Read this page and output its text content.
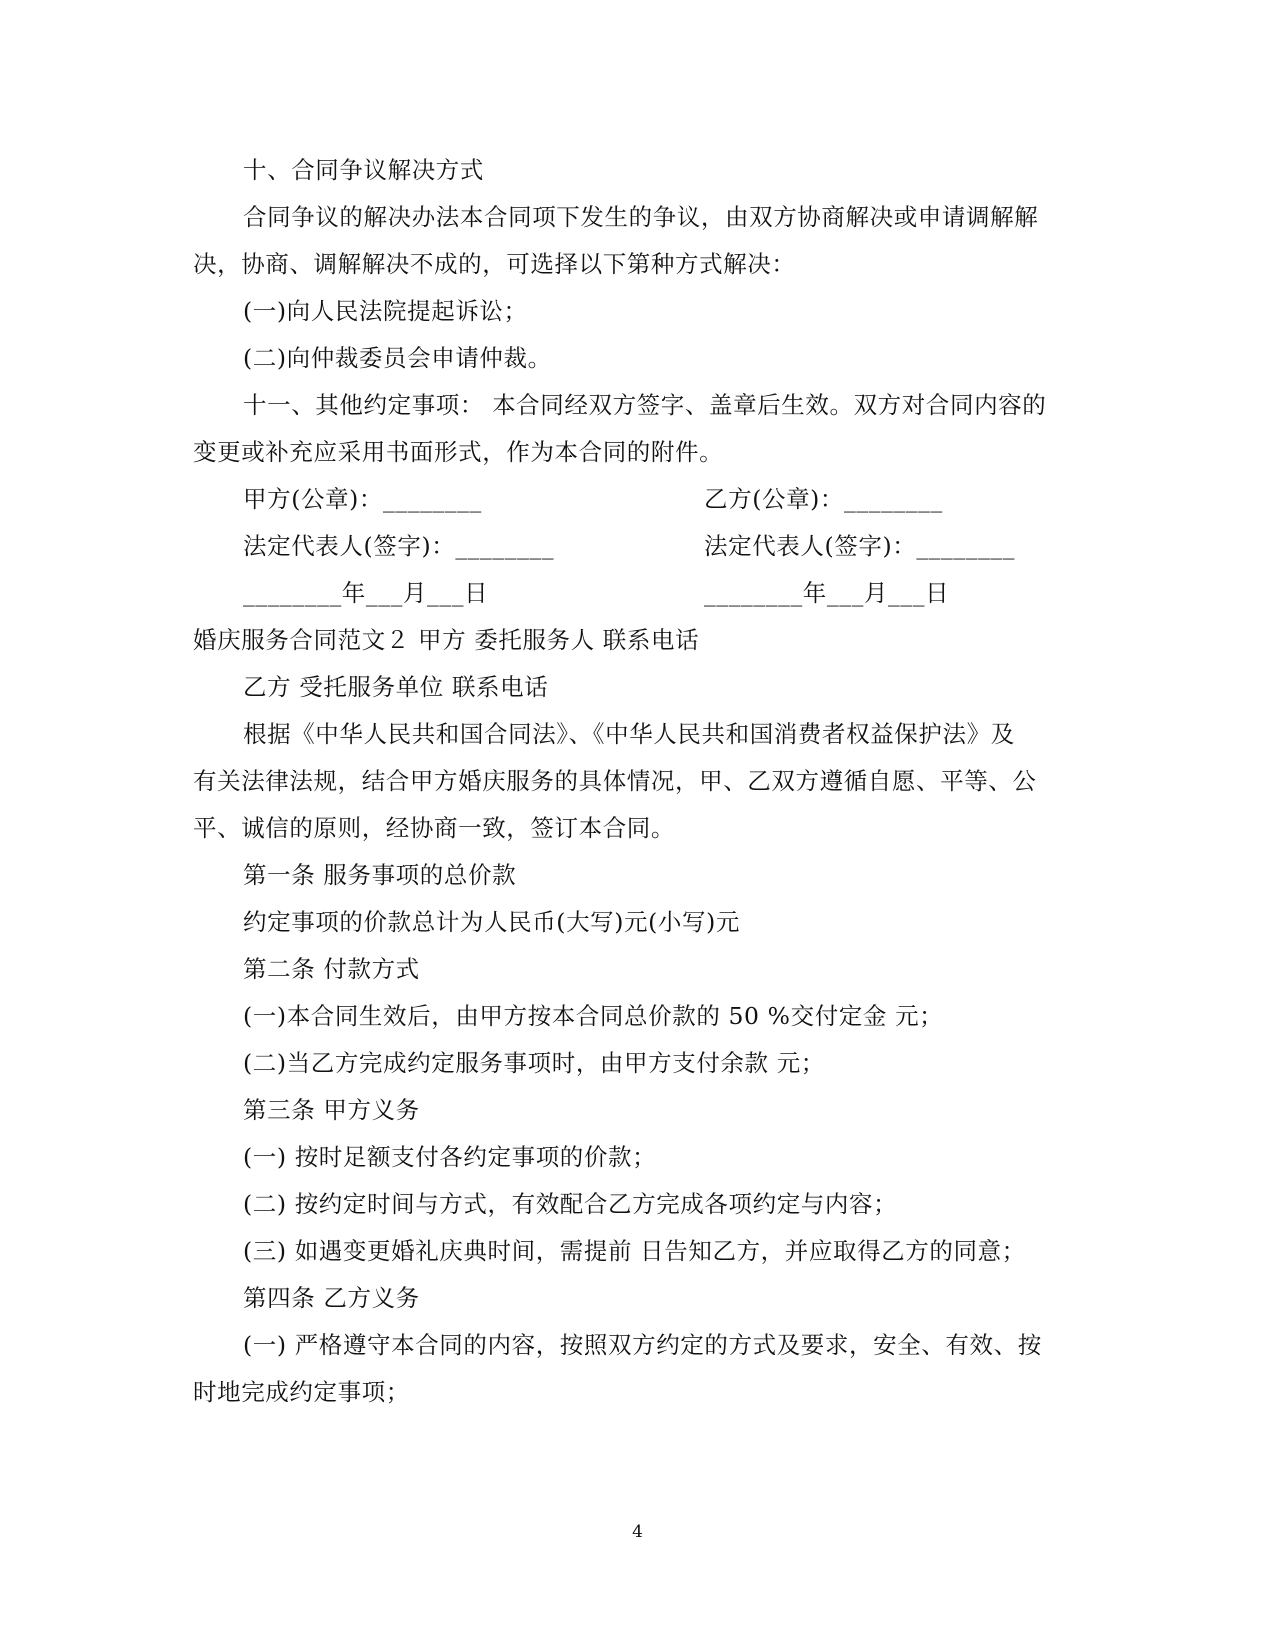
十、合同争议解决方式
合同争议的解决办法本合同项下发生的争议，由双方协商解决或申请调解解
决，协商、调解解决不成的，可选择以下第种方式解决：
(一)向人民法院提起诉讼；
(二)向仲裁委员会申请仲裁。
十一、其他约定事项： 本合同经双方签字、盖章后生效。双方对合同内容的
变更或补充应采用书面形式，作为本合同的附件。
甲方(公章)：________	乙方(公章)：________
法定代表人(签字)：________	法定代表人(签字)：________
________年___月___日	________年___月___日
婚庆服务合同范文２ 甲方 委托服务人 联系电话
乙方 受托服务单位 联系电话
根据《中华人民共和国合同法》、《中华人民共和国消费者权益保护法》及
有关法律法规，结合甲方婚庆服务的具体情况，甲、乙双方遵循自愿、平等、公
平、诚信的原则，经协商一致，签订本合同。
第一条 服务事项的总价款
约定事项的价款总计为人民币(大写)元(小写)元
第二条 付款方式
(一)本合同生效后，由甲方按本合同总价款的 50 %交付定金 元；
(二)当乙方完成约定服务事项时，由甲方支付余款 元；
第三条 甲方义务
(一) 按时足额支付各约定事项的价款；
(二) 按约定时间与方式，有效配合乙方完成各项约定与内容；
(三) 如遇变更婚礼庆典时间，需提前 日告知乙方，并应取得乙方的同意；
第四条 乙方义务
(一) 严格遵守本合同的内容，按照双方约定的方式及要求，安全、有效、按
时地完成约定事项；
4
